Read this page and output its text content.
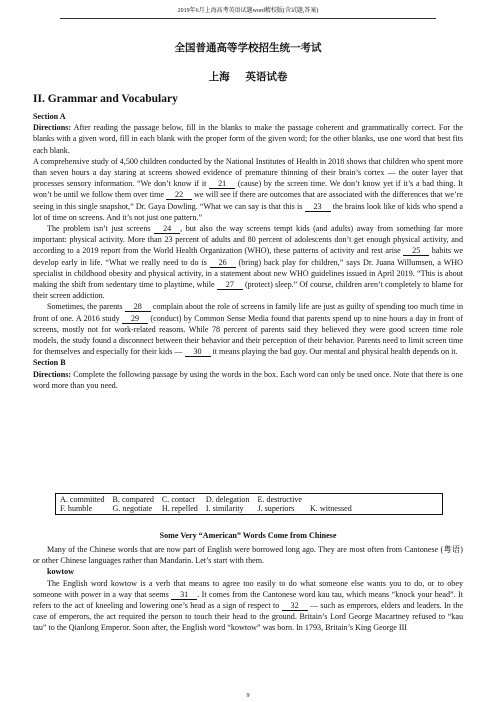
2019年6月上海高考英语试题word精校版(含试题,答案)
全国普通高等学校招生统一考试
上海 英语试卷
II. Grammar and Vocabulary

Section A

Directions: After reading the passage below, fill in the blanks to make the passage coherent and grammatically correct. For the blanks with a given word, fill in each blank with the proper form of the given word; for the other blanks, use one word that best fits each blank.

A comprehensive study of 4,500 children conducted by the National Institutes of Health in 2018 shows that children who spent more than seven hours a day staring at screens showed evidence of premature thinning of their brain’s cortex — the outer layer that processes sensory information. “We don’t know if it 21 (cause) by the screen time. We don’t know yet if it’s a bad thing. It won’t be until we follow them over time 22 we will see if there are outcomes that are associated with the differences that we’re seeing in this single snapshot,” Dr. Gaya Dowling. “What we can say is that this is 23 the brains look like of kids who spend a lot of time on screens. And it’s not just one pattern.”

The problem isn’t just screens 24 , but also the way screens tempt kids (and adults) away from something far more important: physical activity. More than 23 percent of adults and 80 percent of adolescents don’t get enough physical activity, and according to a 2019 report from the World Health Organization (WHO), these patterns of activity and rest arise 25 habits we develop early in life. “What we really need to do is 26 (bring) back play for children,” says Dr. Juana Willumsen, a WHO specialist in childhood obesity and physical activity, in a statement about new WHO guidelines issued in April 2019. “This is about making the shift from sedentary time to playtime, while 27 (protect) sleep.” Of course, children aren’t completely to blame for their screen addiction.

Sometimes, the parents 28 complain about the role of screens in family life are just as guilty of spending too much time in front of one. A 2016 study 29 (conduct) by Common Sense Media found that parents spend up to nine hours a day in front of screens, mostly not for work-related reasons. While 78 percent of parents said they believed they were good screen time role models, the study found a disconnect between their behavior and their perception of their behavior. Parents need to limit screen time for themselves and especially for their kids — 30 it means playing the bad guy. Our mental and physical health depends on it.

Section B

Directions: Complete the following passage by using the words in the box. Each word can only be used once. Note that there is one word more than you need.

A. committed	B. compared	C. contact	D. delegation	E. destructive	
F. humble	G. negotiate	H. repelled	I. similarity	J. superiors	K. witnessed
Some Very “American” Words Come from Chinese

Many of the Chinese words that are now part of English were borrowed long ago. They are most often from Cantonese (粤语) or other Chinese languages rather than Mandarin. Let’s start with them.

kowtow

The English word kowtow is a verb that means to agree too easily to do what someone else wants you to do, or to obey someone with power in a way that seems 31 . It comes from the Cantonese word kau tau, which means “knock your head”. It refers to the act of kneeling and lowering one’s head as a sign of respect to 32 — such as emperors, elders and leaders. In the case of emperors, the act required the person to touch their head to the ground. Britain’s Lord George Macartney refused to “kau tau” to the Qianlong Emperor. Soon after, the English word “kowtow” was born. In 1793, Britain’s King George III

9
